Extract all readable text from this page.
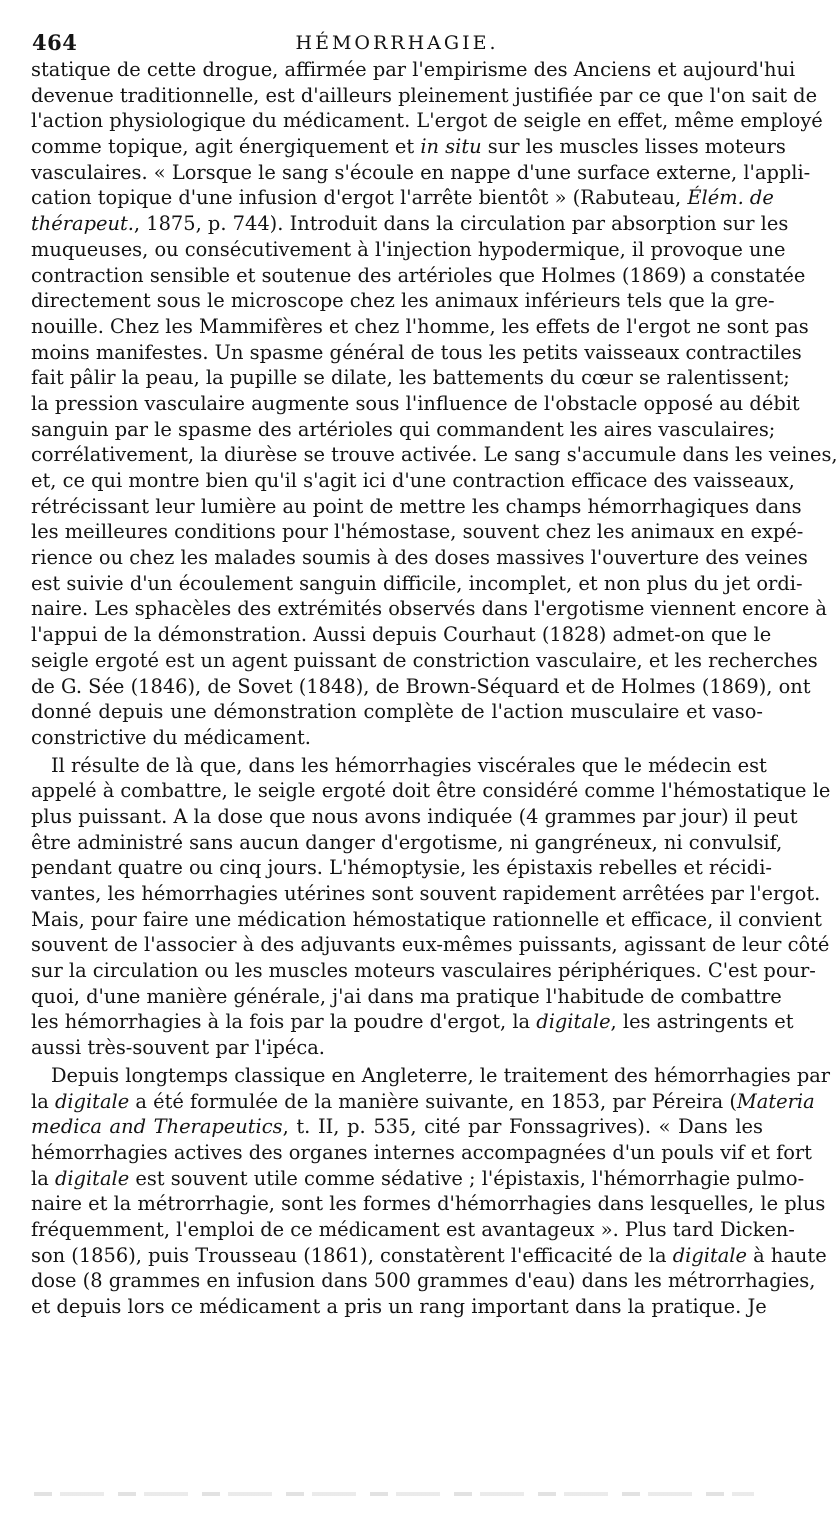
464	HÉMORRHAGIE.
statique de cette drogue, affirmée par l'empirisme des Anciens et aujourd'hui
devenue traditionnelle, est d'ailleurs pleinement justifiée par ce que l'on sait de
l'action physiologique du médicament. L'ergot de seigle en effet, même employé
comme topique, agit énergiquement et in situ sur les muscles lisses moteurs
vasculaires. « Lorsque le sang s'écoule en nappe d'une surface externe, l'appli-
cation topique d'une infusion d'ergot l'arrête bientôt » (Rabuteau, Élém. de
thérapeut., 1875, p. 744). Introduit dans la circulation par absorption sur les
muqueuses, ou consécutivement à l'injection hypodermique, il provoque une
contraction sensible et soutenue des artérioles que Holmes (1869) a constatée
directement sous le microscope chez les animaux inférieurs tels que la gre-
nouille. Chez les Mammifères et chez l'homme, les effets de l'ergot ne sont pas
moins manifestes. Un spasme général de tous les petits vaisseaux contractiles
fait pâlir la peau, la pupille se dilate, les battements du cœur se ralentissent;
la pression vasculaire augmente sous l'influence de l'obstacle opposé au débit
sanguin par le spasme des artérioles qui commandent les aires vasculaires;
corrélativement, la diurèse se trouve activée. Le sang s'accumule dans les veines,
et, ce qui montre bien qu'il s'agit ici d'une contraction efficace des vaisseaux,
rétrécissant leur lumière au point de mettre les champs hémorrhagiques dans
les meilleures conditions pour l'hémostase, souvent chez les animaux en expé-
rience ou chez les malades soumis à des doses massives l'ouverture des veines
est suivie d'un écoulement sanguin difficile, incomplet, et non plus du jet ordi-
naire. Les sphacèles des extrémités observés dans l'ergotisme viennent encore à
l'appui de la démonstration. Aussi depuis Courhaut (1828) admet-on que le
seigle ergoté est un agent puissant de constriction vasculaire, et les recherches
de G. Sée (1846), de Sovet (1848), de Brown-Séquard et de Holmes (1869), ont
donné depuis une démonstration complète de l'action musculaire et vaso-
constrictive du médicament.
Il résulte de là que, dans les hémorrhagies viscérales que le médecin est
appelé à combattre, le seigle ergoté doit être considéré comme l'hémostatique le
plus puissant. A la dose que nous avons indiquée (4 grammes par jour) il peut
être administré sans aucun danger d'ergotisme, ni gangréneux, ni convulsif,
pendant quatre ou cinq jours. L'hémoptysie, les épistaxis rebelles et récidi-
vantes, les hémorrhagies utérines sont souvent rapidement arrêtées par l'ergot.
Mais, pour faire une médication hémostatique rationnelle et efficace, il convient
souvent de l'associer à des adjuvants eux-mêmes puissants, agissant de leur côté
sur la circulation ou les muscles moteurs vasculaires périphériques. C'est pour-
quoi, d'une manière générale, j'ai dans ma pratique l'habitude de combattre
les hémorrhagies à la fois par la poudre d'ergot, la digitale, les astringents et
aussi très-souvent par l'ipéca.
Depuis longtemps classique en Angleterre, le traitement des hémorrhagies par
la digitale a été formulée de la manière suivante, en 1853, par Péreira (Materia
medica and Therapeutics, t. II, p. 535, cité par Fonssagrives). « Dans les
hémorrhagies actives des organes internes accompagnées d'un pouls vif et fort
la digitale est souvent utile comme sédative ; l'épistaxis, l'hémorrhagie pulmo-
naire et la métrorrhagie, sont les formes d'hémorrhagies dans lesquelles, le plus
fréquemment, l'emploi de ce médicament est avantageux ». Plus tard Dicken-
son (1856), puis Trousseau (1861), constatèrent l'efficacité de la digitale à haute
dose (8 grammes en infusion dans 500 grammes d'eau) dans les métrorrhagies,
et depuis lors ce médicament a pris un rang important dans la pratique. Je
